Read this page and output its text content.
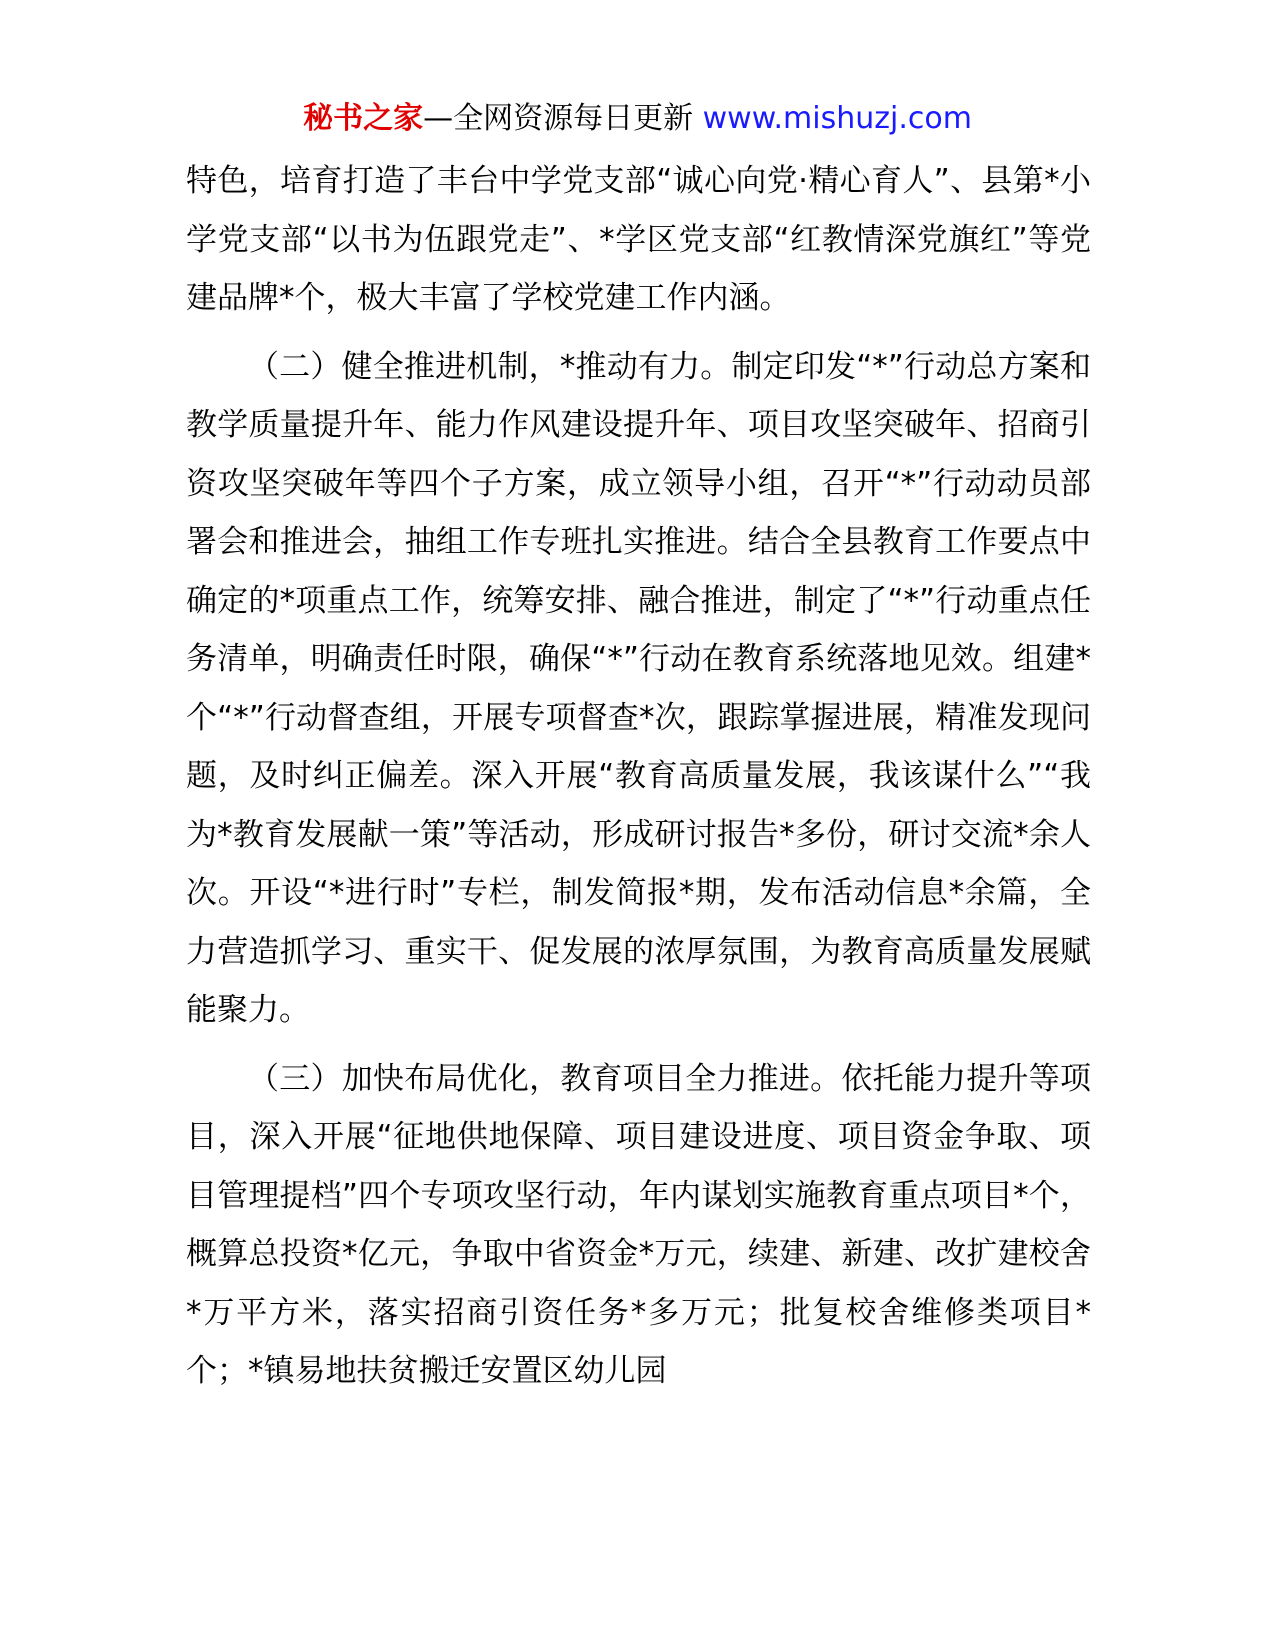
秘书之家—全网资源每日更新 www.mishuzj.com

特色，培育打造了丰台中学党支部“诚心向党·精心育人”、县第*小学党支部“以书为伍跟党走”、*学区党支部“红教情深党旗红”等党建品牌*个，极大丰富了学校党建工作内涵。

（二）健全推进机制，*推动有力。制定印发“*”行动总方案和教学质量提升年、能力作风建设提升年、项目攻坚突破年、招商引资攻坚突破年等四个子方案，成立领导小组，召开“*”行动动员部署会和推进会，抽组工作专班扎实推进。结合全县教育工作要点中确定的*项重点工作，统筹安排、融合推进，制定了“*”行动重点任务清单，明确责任时限，确保“*”行动在教育系统落地见效。组建*个“*”行动督查组，开展专项督查*次，跟踪掌握进展，精准发现问题，及时纠正偏差。深入开展“教育高质量发展，我该谋什么”“我为*教育发展献一策”等活动，形成研讨报告*多份，研讨交流*余人次。开设“*进行时”专栏，制发简报*期，发布活动信息*余篇，全力营造抓学习、重实干、促发展的浓厚氛围，为教育高质量发展赋能聚力。

（三）加快布局优化，教育项目全力推进。依托能力提升等项目，深入开展“征地供地保障、项目建设进度、项目资金争取、项目管理提档”四个专项攻坚行动，年内谋划实施教育重点项目*个，概算总投资*亿元，争取中省资金*万元，续建、新建、改扩建校舍*万平方米，落实招商引资任务*多万元；批复校舍维修类项目*个；*镇易地扶贫搬迁安置区幼儿园
